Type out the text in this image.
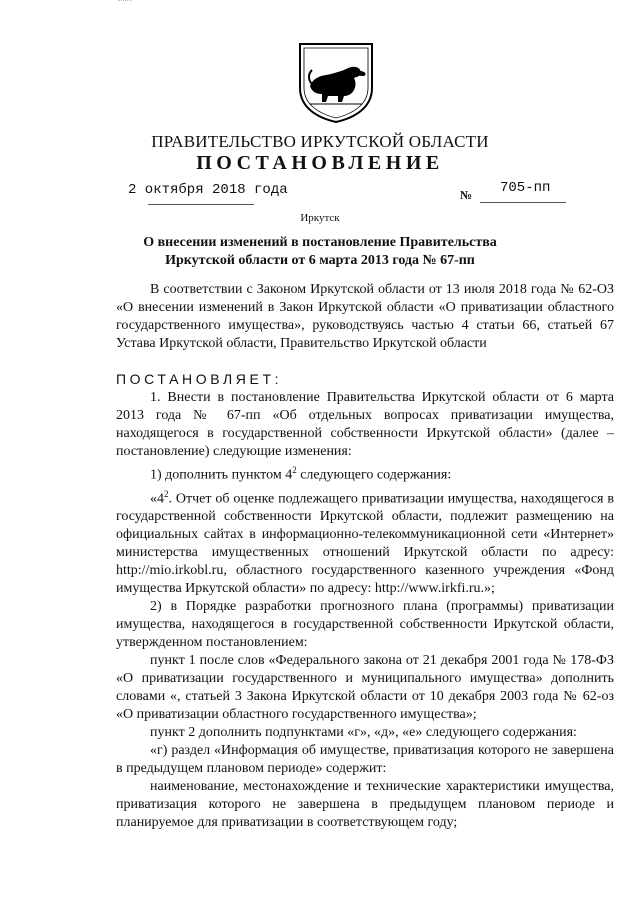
ПРАВИТЕЛЬСТВО ИРКУТСКОЙ ОБЛАСТИ
ПОСТАНОВЛЕНИЕ
2 октября 2018 года	№ 705-пп
Иркутск
О внесении изменений в постановление Правительства
Иркутской области от 6 марта 2013 года № 67-пп

В соответствии с Законом Иркутской области от 13 июля 2018 года № 62-ОЗ «О внесении изменений в Закон Иркутской области «О приватизации областного государственного имущества», руководствуясь частью 4 статьи 66, статьей 67 Устава Иркутской области, Правительство Иркутской области

ПОСТАНОВЛЯЕТ:

1. Внести в постановление Правительства Иркутской области от 6 марта 2013 года № 67-пп «Об отдельных вопросах приватизации имущества, находящегося в государственной собственности Иркутской области» (далее – постановление) следующие изменения:

1) дополнить пунктом $4^2$ следующего содержания:

«$4^2$. Отчет об оценке подлежащего приватизации имущества, находящегося в государственной собственности Иркутской области, подлежит размещению на официальных сайтах в информационно-телекоммуникационной сети «Интернет» министерства имущественных отношений Иркутской области по адресу: http://mio.irkobl.ru, областного государственного казенного учреждения «Фонд имущества Иркутской области» по адресу: http://www.irkfi.ru.»;

2) в Порядке разработки прогнозного плана (программы) приватизации имущества, находящегося в государственной собственности Иркутской области, утвержденном постановлением:

пункт 1 после слов «Федерального закона от 21 декабря 2001 года № 178-ФЗ «О приватизации государственного и муниципального имущества» дополнить словами «, статьей 3 Закона Иркутской области от 10 декабря 2003 года № 62-оз «О приватизации областного государственного имущества»;

пункт 2 дополнить подпунктами «г», «д», «е» следующего содержания:

«г) раздел «Информация об имуществе, приватизация которого не завершена в предыдущем плановом периоде» содержит:

наименование, местонахождение и технические характеристики имущества, приватизация которого не завершена в предыдущем плановом периоде и планируемое для приватизации в соответствующем году;
